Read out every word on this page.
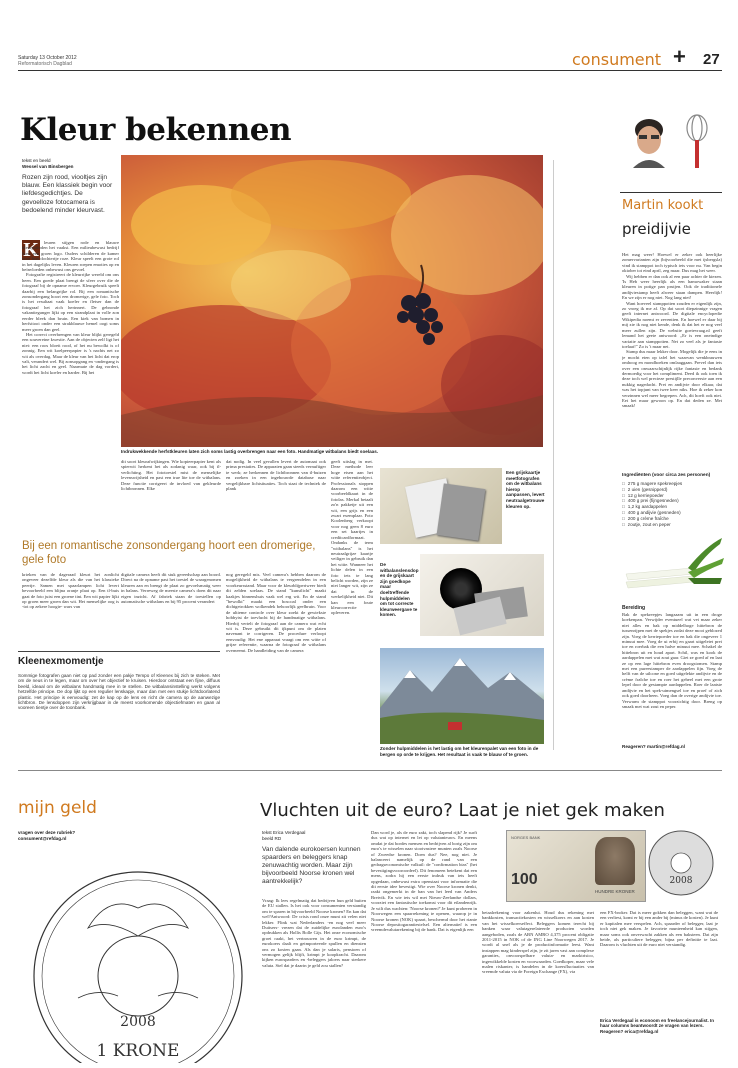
Saturday 13 October 2012
Reformatorisch Dagblad	consument + 27
Kleur bekennen
tekst en beeld
Wessel van Binsbergen
Rozen zijn rood, viooltjes zijn blauw. Een klassiek begin voor liefdesgedichtjes. De gevoelloze fotocamera is bedoelend minder kleurvast.
K	leuren stijgen rode en blauwe kleurpotloden het vaakst. Een milieubewust bedrijf kiest een groen logo. Ouders schilderen de kamer voor hun dochtertje roze. Kleur speelt een grote rol in het dagelijks leven. Kleuren roepen emoties op en beïnvloeden onbewust ons gevoel.

Fotografie registreert de kleurrijke wereld om ons heen. Een goede plaat brengt de sfeer over die de fotograaf bij de opname ervoer. Kleurgebruik speelt daarbij een belangrijke rol. Bij een romantische zonsondergang hoort een dromerige, gele foto. Toch is het resultaat vaak koeler en fletser dan de fotograaf het zich herinnert. De gebronde vakantieganger lijkt op een strandplaat in volle zon eerder bleek dan bruin. Een kiek van bomen in herfsttooi onder een strakblauwe hemel oogt soms meer groen dan geel.

Het correct overbrengen van kleur blijkt geregeld een souvereine kwestie. Aan de objecten zelf ligt het niet: een roos bloeit rood, of het nu bewolkt is of zonnig. Een wit koelpeerpapier is 's nachts net zo wit als overdag. Maar de kleur van het licht dat erop valt, verandert wel. Bij zonsopgang en -ondergang is het licht zacht en geel. Naarmate de dag vordert, wordt het licht koeler en harder. Bij het

Indrukwekkende herfstkleuren laten zich soms lastig overbrengen naar een foto. Handmatige witbalans biedt soelaas.
dit soort kleurafwijkingen. Wie kopieerpapier kent als spierwit herkent het als zodanig waar, ook bij tl-verlichting. Het fototoestel mist de menselijke levenswijsheid en past een true lite toe de witbalans. Deze functie corrigeert de invloed van gekleurde lichtbronnen. Elke
dat nodig. In veel gevallen levert de automaat ook prima prestaties. De apparaten gaan steeds vernuftiger te werk; ze herkennen de lichtbronnen van tl-buizen en zoeken in een ingebouwde database naar vergelijkbare lichtsituaties. Toch staat de techniek de plank
geeft uitslag in met. Deze methode leer hoge eisen aan het witte referentieobject. Professionals stoppen daarom een witte voorbeeldkaart in de fotolas. Merkal betaalt zo'n pakketje uit een wit, een grijs en een zwart exemplaar. Foto Koolenberg verkoopt voor nog geen 8 euro een set kaartjes in creditcardformaat. Ondanks de term "witbalans" is het neutraalgrijze kaartje veiliger in gebruik dan het witte. Wanneer het lichte delen in een foto iets te lang belicht worden, zijn ze niet langer wit, zijn ze dat in de werkelijkheid niet. Dit kan een foute kleurcorrectie opleveren.
Bij een romantische zonsondergang hoort een dromerige, gele foto
krieken van de dageraad kleurt het zonlicht ongeveer dezelfde kleur als die van het klassieke peertje. Samen met spaarlampen licht levert bevoorbeeld een blijna oranje plaat op. Een tl-buis gaat de foto juist een groene tint. Een wit papier lijkt op groen meer groen dan wit. Het menselijke oog is -tot op zekere hoogte- wars van
digitale camera heeft dit stuk gereedschap aan boord. Direct na de opname past het toestel de waargenomen kleuren aan en brengt de plaat zo gevoelsmatig weer in balans. Verreweg de meeste camera's doen dit naar eigen inzicht. Af fabriek staan de toestellen op automatische witbalans en bij 95 procent verandert
nog geregeld mis. Veel camera's hebben daarom de mogelijkheid de witbalans te vergrendelen in een voorkeursstand. Maar voor de kleurblijperiweer biedt dit zelden soelaas. De stand "kunstlicht" maakt kaakjes binnenshuis vaak wel erg wit. En de stand "bewolkt" maakt een boscoal onder een dichtgetrokken wolkendek behoorlijk geelbruin. Voor de ultieme controle over kleur zoekt de gewiekste hobbyist de toevlucht bij de handmatige witbalans. Hierbij vertelt de fotograaf aan de camera wat echt wit is. Deze gebruikt dit ijkpunt om de platen navenant te corrigeren. De procedure verloopt eenvoudig: Het ene apparaat vraagt om een witte of grijze referentie, waarna de fotograaf de witbalans overneemt. De handleiding van de camera
Kleenexmomentje
Sommige fotografen gaan niet op pad zonder een pakje Tempo of Kleenex bij zich te steken. Met om de neus in te legen, maar om over het objectief te kruisen. Hierdoor ontstaat een fijne, diffuus beeld, ideaal om de witbalans handmatig mee in te stellen. De witbalansinstelling werkt volgens hetzelfde principe. De dop lijkt op een regulier lenskapje, maar dan met een stukje lichtdoorlatend plastic. Het principe is eenvoudig: zet de kap op de lens en richt de camera op de aanwezige lichtbron. De lensdoppen zijn verkrijgbaar in de meest voorkomende objectiefmaten en gaan al vooreen tientje over de toonbank.
Een grijskaartje meetfotografen om de witbalans hierop aanpassen, levert neutraalgetrouwe kleuren op.
De witbalanslensdop en de grijskaart zijn goedkope maar doeltreffende hulpmiddelen om tot correcte kleurweergave te komen.
Zonder hulpmiddelen is het lastig om het kleurenpalet van een foto in de bergen op orde te krijgen. Het resultaat is vaak te blauw of te groen.
Martin kookt
preidijvie

Het mag weer! Hoewel er zeker ook heerlijke zomervarianten zijn (bijvoorbeeld die met ijsbergsla) vind ik stamppot toch typisch iets voor nu. Van begin oktober tot eind april, zeg maar. Dus mag het weer.

Wij hebben er dan ook al een paar achter de kiezen. 'Is Heb weer heerlijk als een hamowaker staan kleuren in potige pan prutjen. Ook de traditionele andijviestamp heeft alweer staan dampen. Heerlijk! En we zijn er nog niet. Nog lang niet!

Want hoeveel stamppotten zouden er eigenlijk zijn, zo vroeg ik me af. Op dat soort diepzinnige vragen geeft internet antwoord. De digitale encyclopedie Wikipedia noemt er zeventien. En hoewel er daar bij mij zie ik nog niet kende, denk ik dat het er nog veel meer zullen zijn. De website goeievraag.nl geeft lemand het geeie antwoord: „Er is een oneindige variatie aan stamppotten. Net zo veel als je fantasie toelaat!" Zo is 't maar net.

Stamp dus maar lekker door. Mogelijk die je eens in je mocht eten op tafel het waarvan wenkbrauwen omhoog en mondhoeken omlaaggaan. Prevel dan iets over een onwaarschijnlijk rijke fantasie en bedank dermoedig voor het compliment. Deed ik ook toen ik deze toch wel precieze prestijlle preconversie aan een nukkig nagedacht. Prei en andijvie door elkaar, dat was het topjunt van twee keer niks. Hoe ik zeker kon verzinnen wel meer begrepen. Ach, dit hoeft ook niet. Eet het maar gewoon op. En dat deden ze. Met smaak!

Ingrediënten (voor circa zes personen)
□ 275 g magere spekreepjes
□ 2 uien (gesnipperd)
□ 12 g kerriepoeder
□ 400 g prei (fijngesneden)
□ 1,2 kg aardappelen
□ 400 g andijvie (gesneden)
□ 200 g crème fraîche
□ zoutje, zout en peper
Bereiding
Bak de spekreepjes langzaam uit in een droge koekenpan. Verwijder eventueel wat vet maar zeker niet alles en bak op middelhoge hittebron de tussenrijpen met de spekjes zodat deze mooi geblozed zijn. Voeg de kerriepoeder toe en bak die ongeveer 1 minuut mee. Voeg de ui erbij en gaart uitgeleiet prei toe en roerbak die een halve minuut mee. Schakel de hittebron uit en houd apart. Schil, was en kook de aardappelen met wat zout gaar. Giet ze goed af en laat ze op een lage hittebron even droogstomen. Stamp met een pureestamper de aardappelen fijn. Voeg de helft van de uilcone en goed uitgelekte andijvie en de crème fraîche toe en roer het geheel met een grote lepel door de gestampte aardappelen. Roer de laatste andijvie en het spek-uimengsel toe en proef of zich ook goed doorheen. Voeg dan de overige andijvie toe. Verwarm de stamppot voorzichtig door. Breng op smaak met wat zout en peper.
Reageren? martin@refdag.nl
mijn geld
vragen over deze rubriek?
consument@refdag.nl
2008
1 KRONE
Vluchten uit de euro? Laat je niet gek maken
tekst Erica Verdegaal
beeld RD
Van dalende eurokoersen kunnen spaarders en beleggers knap zenuwachtig worden. Maar zijn bijvoorbeeld Noorse kronen wel aantrekkelijk?
Vraag: Ik lees regelmatig dat bedrijven hun geld buiten de EU stallen. Is het ook voor consumenten verstandig om te sparen in bijvoorbeeld Noorse kronen? En kan dat wel?Antwoord: De crisis rond onze munt zit velen niet lekker. Flink wat Nederlanders -en nog veel meer Duitsers- vrezen dat de zuidelijke eurolanden euro's opdrukken als Hollis Bolle Gijs. Het onze economische groei raakt, het vertrouwen in de euro krimpt, de eurokoers daalt en geimporteerde spullen en diensten ons zo kosten gaan. Als dan je salaris, pensioen of vermogen gelijk blijft, krimpt je koopkracht. Daarom kijken eurosparders en -beleggers jaloers naar sterkere valuta. Stel dat je daarin je geld zou stallen?
Dan word je, als de euro zakt, toch slapend rijk? Je surft dus wat op internet en let op valutanieuws. En meens omdat je dat bordes mensen en bedrijven al borig zijn om euro's te wisselen naar stootvastere munten zoals Noorse of Zweedse kronen. Doen dus? Nee, nog niet. Je balanceert namelijk op de rand van een gedragseconomische valkuil: de "confirmation bias" (het bevestigingsvooroordeel). Dit fenomeen betekent dat een mens, zodra hij een eerste indruk van iets heeft opgedaan, onbewust extra openstaat voor informatie die dit eerste idee bevestigt. Wie over Noorse kronen denkt, raakt ongemerkt in de ban van het leed van Anders Breivik. En wie iets wil met Nieuw-Zeelandse dollars, voorziet een fantastische toekomst voor dit eilandenrijk. Je wilt dus wachten: 'Noorse kronen?' Je kunt proberen in Noorwegen een spaarrekening te openen, waarop je in Noorse kronen (NOK) spaart, beschermd door het riante Noorse depositogarantiestelsel. Een alternatief is een vreemdevalutarekening bij de bank. Dat is eigenlijk een
100
NORGES BANK
HUNDRE KRONER
2008
betaalrekening voor zakenlui. Houd dus rekening met bankkosten, transactiekosten en wisselkoers en aan kosten van het wisselkoerseffect. Beleggers komen terecht bij banken waar valutagerelateerde producten worden aangeboden, zoals de ABN AMRO 4,375 procent obligatie 2011-2015 in NOK of de ING Line Noorwegen 2017. Je wordt al snel als je de productinformatie leest. Want instappen mag kinderspel zijn, je zit jaren vast aan complexe garanties, onvoorspelbare valuta- en marktrisico, ingewikkelde kosten en voorwaarden. Goedkoper, maar vele malen riskanter, is handelen in de koersfluctuaties van vreemde valuta via de Foreign Exchange (FX), via
een FX-broker. Dat is meer gokken dan beleggen, want wat de een verliest, komt er bij een ander bij (minus de kosten). Je kunt er kapitalen mee verspelen. Ach, spaarder of belegger, laat je toch niet gek maken. Je favoriete munteenheid kan stijgen, maar soms ook onverwacht zakken als een baksteen. Dat zijn beide, als particuliere belegger, bijna per definitie te laat. Daarom is vluchten uit de euro niet verstandig.
Erica Verdegaal is econoom en freelancejournalist. In haar columns beantwoordt ze vragen van lezers. Reageren? erica@refdag.nl
